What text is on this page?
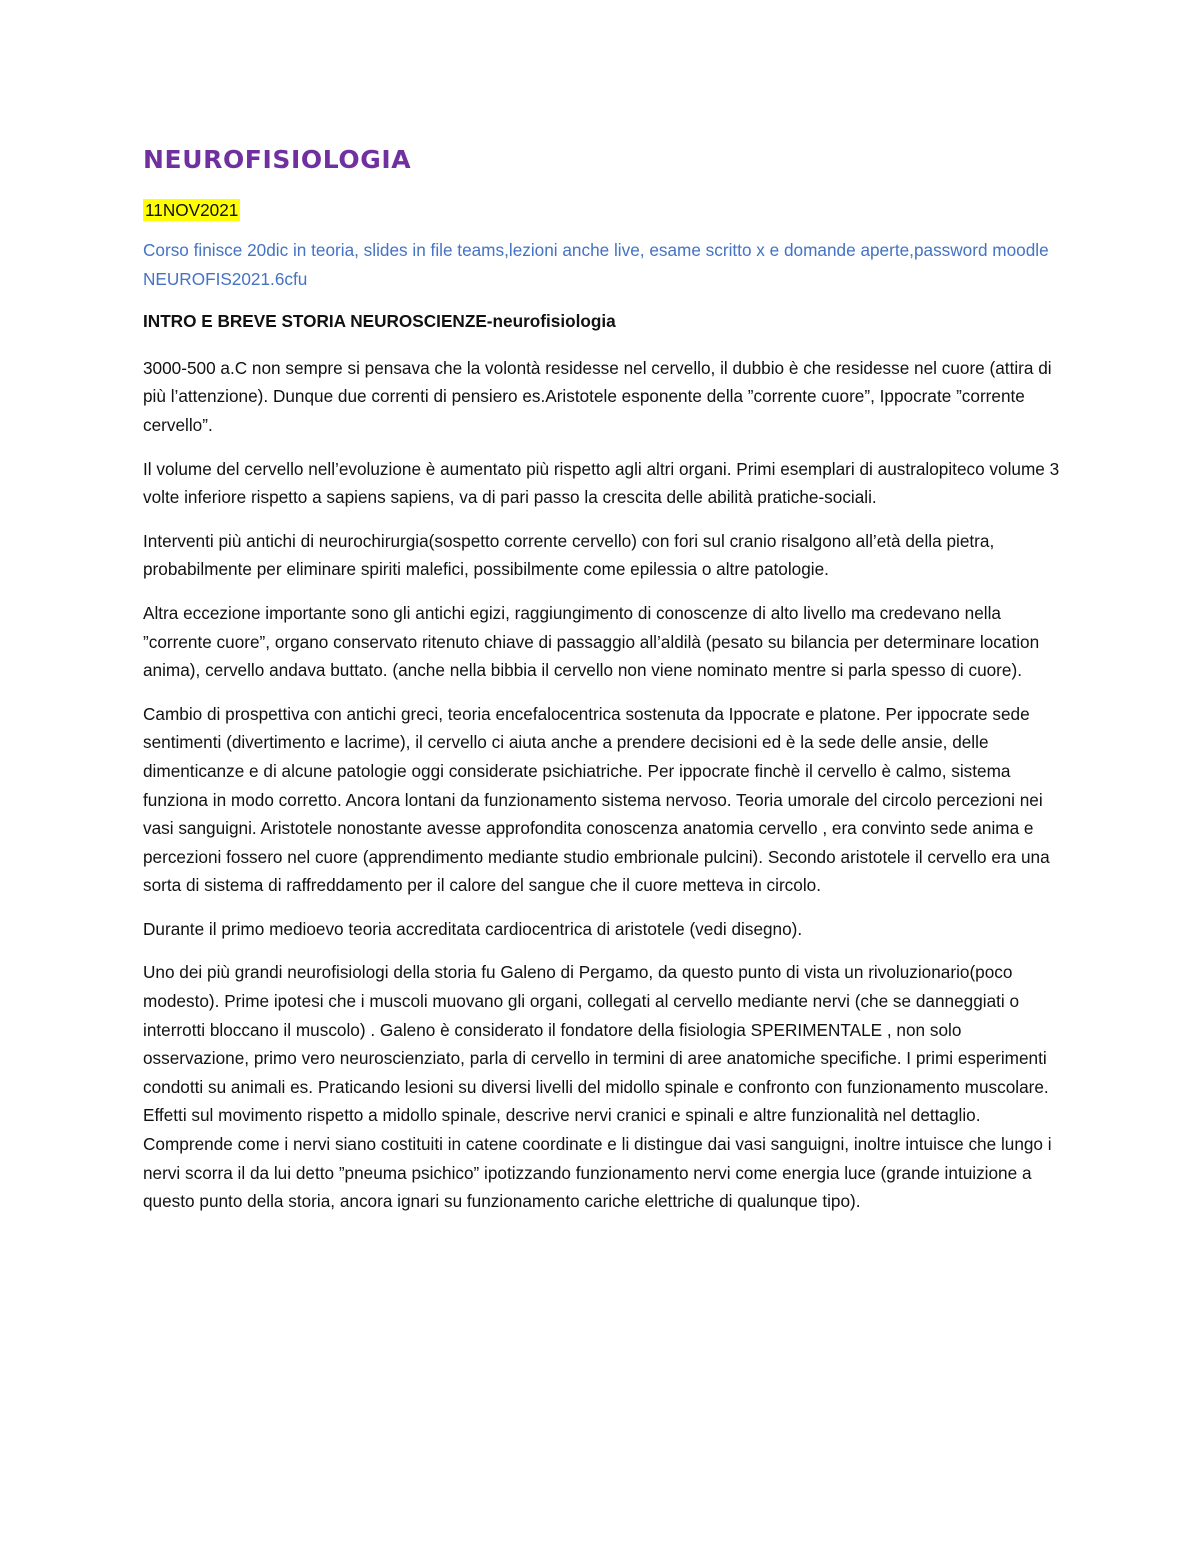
NEUROFISIOLOGIA
11NOV2021
Corso finisce 20dic in teoria, slides in file teams,lezioni anche live, esame scritto x e domande aperte,password moodle NEUROFIS2021.6cfu
INTRO E BREVE STORIA NEUROSCIENZE-neurofisiologia
3000-500 a.C non sempre si pensava che la volontà residesse nel cervello, il dubbio è che residesse nel cuore (attira di più l’attenzione). Dunque due correnti di pensiero es.Aristotele esponente della ”corrente cuore”, Ippocrate ”corrente cervello”.
Il volume del cervello nell’evoluzione è aumentato più rispetto agli altri organi. Primi esemplari di australopiteco volume 3 volte inferiore rispetto a sapiens sapiens, va di pari passo la crescita delle abilità pratiche-sociali.
Interventi più antichi di neurochirurgia(sospetto corrente cervello) con fori sul cranio risalgono all’età della pietra, probabilmente per eliminare spiriti malefici, possibilmente come epilessia o altre patologie.
Altra eccezione importante sono gli antichi egizi, raggiungimento di conoscenze di alto livello ma credevano nella ”corrente cuore”, organo conservato ritenuto chiave di passaggio all’aldilà (pesato su bilancia per determinare location anima), cervello andava buttato. (anche nella bibbia il cervello non viene nominato mentre si parla spesso di cuore).
Cambio di prospettiva con antichi greci, teoria encefalocentrica sostenuta da Ippocrate e platone. Per ippocrate sede sentimenti (divertimento e lacrime), il cervello ci aiuta anche a prendere decisioni ed è la sede delle ansie, delle dimenticanze e di alcune patologie oggi considerate psichiatriche. Per ippocrate finchè il cervello è calmo, sistema funziona in modo corretto. Ancora lontani da funzionamento sistema nervoso. Teoria umorale del circolo percezioni nei vasi sanguigni. Aristotele nonostante avesse approfondita conoscenza anatomia cervello , era convinto sede anima e percezioni fossero nel cuore (apprendimento mediante studio embrionale pulcini). Secondo aristotele il cervello era una sorta di sistema di raffreddamento per il calore del sangue che il cuore metteva in circolo.
Durante il primo medioevo teoria accreditata cardiocentrica di aristotele (vedi disegno).
Uno dei più grandi neurofisiologi della storia fu Galeno di Pergamo, da questo punto di vista un rivoluzionario(poco modesto). Prime ipotesi che i muscoli muovano gli organi, collegati al cervello mediante nervi (che se danneggiati o interrotti bloccano il muscolo) . Galeno è considerato il fondatore della fisiologia SPERIMENTALE , non solo osservazione, primo vero neuroscienziato, parla di cervello in termini di aree anatomiche specifiche. I primi esperimenti condotti su animali es. Praticando lesioni su diversi livelli del midollo spinale e confronto con funzionamento muscolare. Effetti sul movimento rispetto a midollo spinale, descrive nervi cranici e spinali e altre funzionalità nel dettaglio. Comprende come i nervi siano costituiti in catene coordinate e li distingue dai vasi sanguigni, inoltre intuisce che lungo i nervi scorra il da lui detto ”pneuma psichico” ipotizzando funzionamento nervi come energia luce (grande intuizione a questo punto della storia, ancora ignari su funzionamento cariche elettriche di qualunque tipo).
